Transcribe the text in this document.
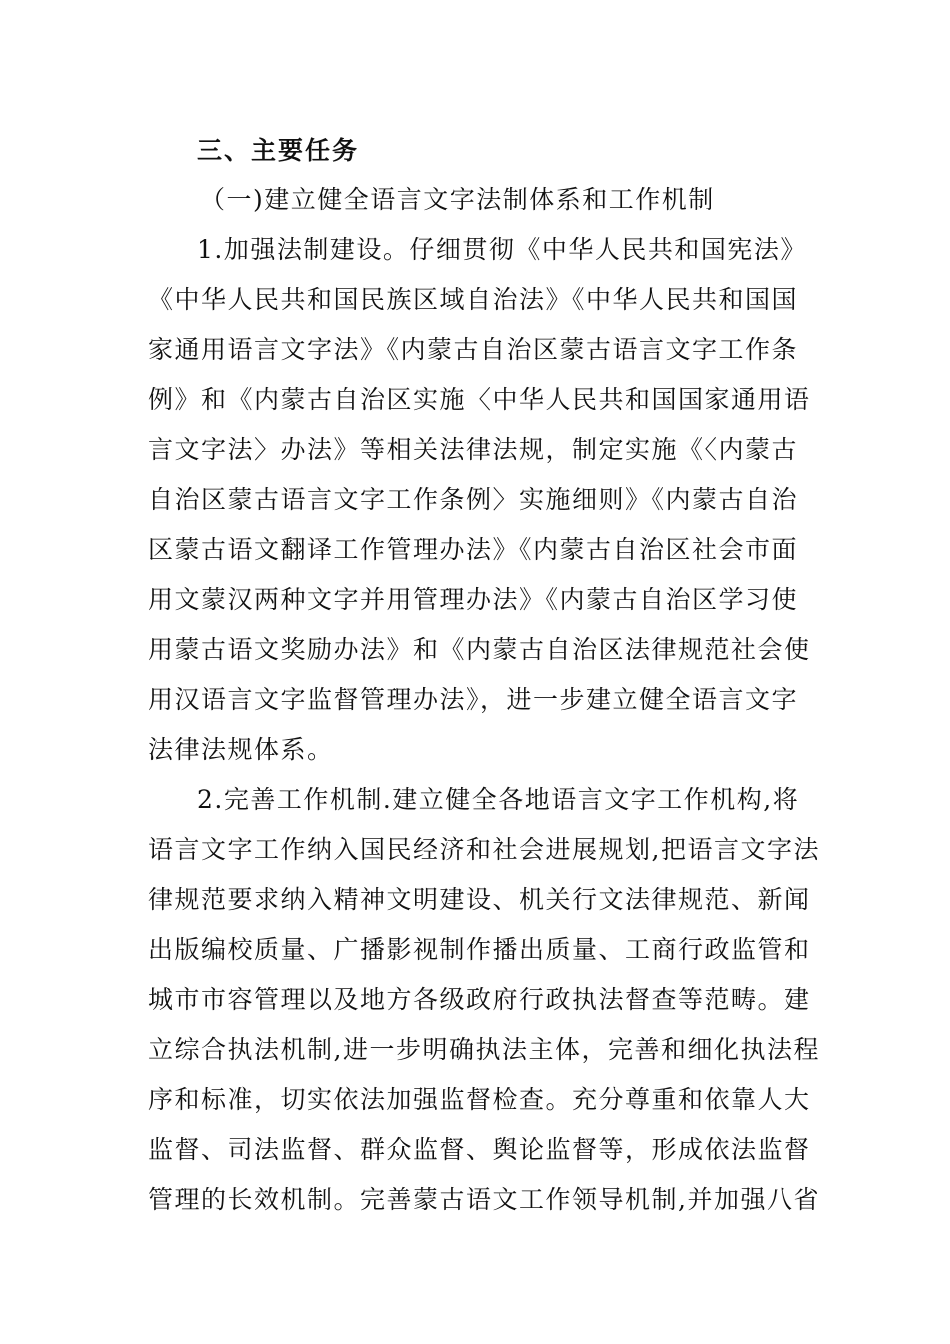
三、主要任务
（一)建立健全语言文字法制体系和工作机制
1.加强法制建设。仔细贯彻《中华人民共和国宪法》
《中华人民共和国民族区域自治法》《中华人民共和国国
家通用语言文字法》《内蒙古自治区蒙古语言文字工作条
例》和《内蒙古自治区实施〈中华人民共和国国家通用语
言文字法〉办法》等相关法律法规，制定实施《〈内蒙古
自治区蒙古语言文字工作条例〉实施细则》《内蒙古自治
区蒙古语文翻译工作管理办法》《内蒙古自治区社会市面
用文蒙汉两种文字并用管理办法》《内蒙古自治区学习使
用蒙古语文奖励办法》和《内蒙古自治区法律规范社会使
用汉语言文字监督管理办法》，进一步建立健全语言文字
法律法规体系。
2.完善工作机制.建立健全各地语言文字工作机构,将
语言文字工作纳入国民经济和社会进展规划,把语言文字法
律规范要求纳入精神文明建设、机关行文法律规范、新闻
出版编校质量、广播影视制作播出质量、工商行政监管和
城市市容管理以及地方各级政府行政执法督查等范畴。建
立综合执法机制,进一步明确执法主体，完善和细化执法程
序和标准，切实依法加强监督检查。充分尊重和依靠人大
监督、司法监督、群众监督、舆论监督等，形成依法监督
管理的长效机制。完善蒙古语文工作领导机制,并加强八省
